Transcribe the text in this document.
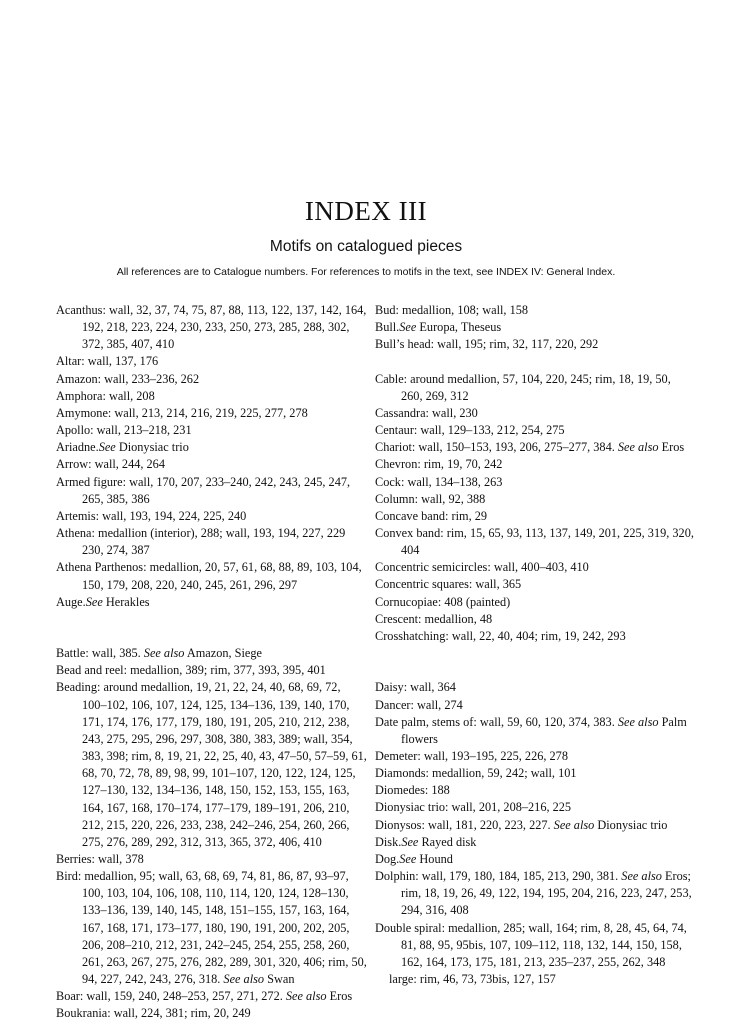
INDEX III
Motifs on catalogued pieces

All references are to Catalogue numbers. For references to motifs in the text, see INDEX IV: General Index.

Acanthus: wall, 32, 37, 74, 75, 87, 88, 113, 122, 137, 142, 164, 192, 218, 223, 224, 230, 233, 250, 273, 285, 288, 302, 372, 385, 407, 410
Altar: wall, 137, 176
Amazon: wall, 233–236, 262
Amphora: wall, 208
Amymone: wall, 213, 214, 216, 219, 225, 277, 278
Apollo: wall, 213–218, 231
Ariadne.See Dionysiac trio
Arrow: wall, 244, 264
Armed figure: wall, 170, 207, 233–240, 242, 243, 245, 247, 265, 385, 386
Artemis: wall, 193, 194, 224, 225, 240
Athena: medallion (interior), 288; wall, 193, 194, 227, 229 230, 274, 387
Athena Parthenos: medallion, 20, 57, 61, 68, 88, 89, 103, 104, 150, 179, 208, 220, 240, 245, 261, 296, 297
Auge.See Herakles
Battle: wall, 385. See also Amazon, Siege
Bead and reel: medallion, 389; rim, 377, 393, 395, 401
Beading: around medallion, 19, 21, 22, 24, 40, 68, 69, 72, 100–102, 106, 107, 124, 125, 134–136, 139, 140, 170, 171, 174, 176, 177, 179, 180, 191, 205, 210, 212, 238, 243, 275, 295, 296, 297, 308, 380, 383, 389; wall, 354, 383, 398; rim, 8, 19, 21, 22, 25, 40, 43, 47–50, 57–59, 61, 68, 70, 72, 78, 89, 98, 99, 101–107, 120, 122, 124, 125, 127–130, 132, 134–136, 148, 150, 152, 153, 155, 163, 164, 167, 168, 170–174, 177–179, 189–191, 206, 210, 212, 215, 220, 226, 233, 238, 242–246, 254, 260, 266, 275, 276, 289, 292, 312, 313, 365, 372, 406, 410
Berries: wall, 378
Bird: medallion, 95; wall, 63, 68, 69, 74, 81, 86, 87, 93–97, 100, 103, 104, 106, 108, 110, 114, 120, 124, 128–130, 133–136, 139, 140, 145, 148, 151–155, 157, 163, 164, 167, 168, 171, 173–177, 180, 190, 191, 200, 202, 205, 206, 208–210, 212, 231, 242–245, 254, 255, 258, 260, 261, 263, 267, 275, 276, 282, 289, 301, 320, 406; rim, 50, 94, 227, 242, 243, 276, 318. See also Swan
Boar: wall, 159, 240, 248–253, 257, 271, 272. See also Eros
Boukrania: wall, 224, 381; rim, 20, 249
Bud: medallion, 108; wall, 158
Bull.See Europa, Theseus
Bull’s head: wall, 195; rim, 32, 117, 220, 292
Cable: around medallion, 57, 104, 220, 245; rim, 18, 19, 50, 260, 269, 312
Cassandra: wall, 230
Centaur: wall, 129–133, 212, 254, 275
Chariot: wall, 150–153, 193, 206, 275–277, 384. See also Eros
Chevron: rim, 19, 70, 242
Cock: wall, 134–138, 263
Column: wall, 92, 388
Concave band: rim, 29
Convex band: rim, 15, 65, 93, 113, 137, 149, 201, 225, 319, 320, 404
Concentric semicircles: wall, 400–403, 410
Concentric squares: wall, 365
Cornucopiae: 408 (painted)
Crescent: medallion, 48
Crosshatching: wall, 22, 40, 404; rim, 19, 242, 293
Daisy: wall, 364
Dancer: wall, 274
Date palm, stems of: wall, 59, 60, 120, 374, 383. See also Palm flowers
Demeter: wall, 193–195, 225, 226, 278
Diamonds: medallion, 59, 242; wall, 101
Diomedes: 188
Dionysiac trio: wall, 201, 208–216, 225
Dionysos: wall, 181, 220, 223, 227. See also Dionysiac trio
Disk.See Rayed disk
Dog.See Hound
Dolphin: wall, 179, 180, 184, 185, 213, 290, 381. See also Eros; rim, 18, 19, 26, 49, 122, 194, 195, 204, 216, 223, 247, 253, 294, 316, 408
Double spiral: medallion, 285; wall, 164; rim, 8, 28, 45, 64, 74, 81, 88, 95, 95bis, 107, 109–112, 118, 132, 144, 150, 158, 162, 164, 173, 175, 181, 213, 235–237, 255, 262, 348
large: rim, 46, 73, 73bis, 127, 157
